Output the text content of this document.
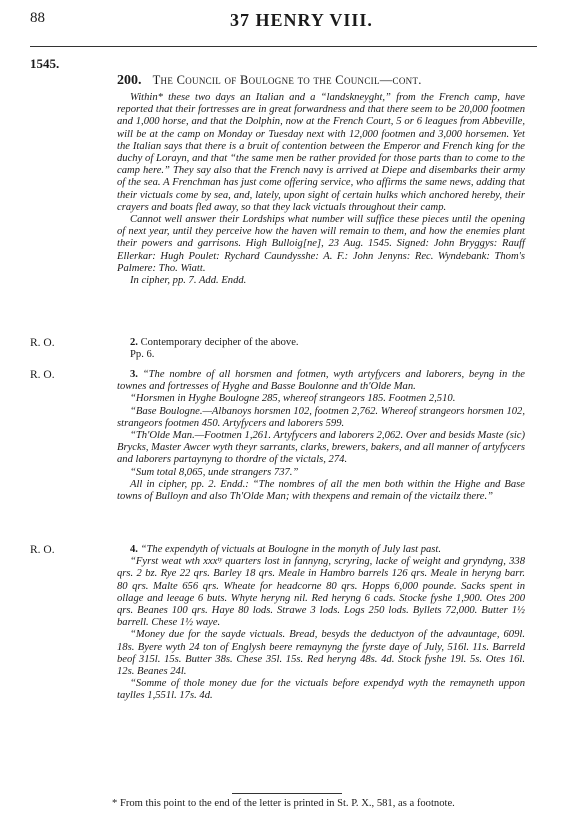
88	37 HENRY VIII.
1545.
200. The Council of Boulogne to the Council—cont.

Within* these two days an Italian and a “landskneyght,” from the French camp, have reported that their fortresses are in great forwardness and that there seem to be 20,000 footmen and 1,000 horse, and that the Dolphin, now at the French Court, 5 or 6 leagues from Abbeville, will be at the camp on Monday or Tuesday next with 12,000 footmen and 3,000 horsemen. Yet the Italian says that there is a bruit of contention between the Emperor and French king for the duchy of Lorayn, and that “the same men be rather provided for those parts than to come to the camp here.” They say also that the French navy is arrived at Diepe and disembarks their army of the sea. A Frenchman has just come offering service, who affirms the same news, adding that their victuals come by sea, and, lately, upon sight of certain hulks which anchored hereby, their crayers and boats fled away, so that they lack victuals throughout their camp.

Cannot well answer their Lordships what number will suffice these pieces until the opening of next year, until they perceive how the haven will remain to them, and how the enemies plant their powers and garrisons. High Bulloig[ne], 23 Aug. 1545. Signed: John Bryggys: Rauff Ellerkar: Hugh Poulet: Rychard Caundysshe: A. F.: John Jenyns: Rec. Wyndebank: Thom's Palmere: Tho. Wiatt.

In cipher, pp. 7. Add. Endd.

R. O.	2. Contemporary decipher of the above.

Pp. 6.

R. O.	3. “The nombre of all horsmen and fotmen, wyth artyfycers and laborers, beyng in the townes and fortresses of Hyghe and Basse Boulonne and th'Olde Man.

“Horsmen in Hyghe Boulogne 285, whereof strangeors 185. Footmen 2,510.

“Base Boulogne.—Albanoys horsmen 102, footmen 2,762. Whereof strangeors horsmen 102, strangeors footmen 450. Artyfycers and laborers 599.

“Th'Olde Man.—Footmen 1,261. Artyfycers and laborers 2,062. Over and besids Maste (sic) Brycks, Master Awcer wyth theyr sarrants, clarks, brewers, bakers, and all manner of artyfycers and laborers partaynyng to thordre of the victals, 274.

“Sum total 8,065, unde strangers 737.”

All in cipher, pp. 2. Endd.: “The nombres of all the men both within the Highe and Base towns of Bulloyn and also Th'Olde Man; with thexpens and remain of the victailz there.”

R. O.	4. “The expendyth of victuals at Boulogne in the monyth of July last past.

“Fyrst weat wth xxxᵗʸ quarters lost in fannyng, scryring, lacke of weight and gryndyng, 338 qrs. 2 bz. Rye 22 qrs. Barley 18 qrs. Meale in Hambro barrels 126 qrs. Meale in heryng barr. 80 qrs. Malte 656 qrs. Wheate for headcorne 80 qrs. Hopps 6,000 pounde. Sacks spent in ollage and leeage 6 buts. Whyte heryng nil. Red heryng 6 cads. Stocke fyshe 1,900. Otes 200 qrs. Beanes 100 qrs. Haye 80 lods. Strawe 3 lods. Logs 250 lods. Byllets 72,000. Butter 1½ barrell. Chese 1½ waye.

“Money due for the sayde victuals. Bread, besyds the deductyon of the advauntage, 609l. 18s. Byere wyth 24 ton of Englysh beere remaynyng the fyrste daye of July, 516l. 11s. Barreld beof 315l. 15s. Butter 38s. Chese 35l. 15s. Red heryng 48s. 4d. Stock fyshe 19l. 5s. Otes 16l. 12s. Beanes 24l.

“Somme of thole money due for the victuals before expendyd wyth the remayneth uppon taylles 1,551l. 17s. 4d.

* From this point to the end of the letter is printed in St. P. X., 581, as a footnote.
